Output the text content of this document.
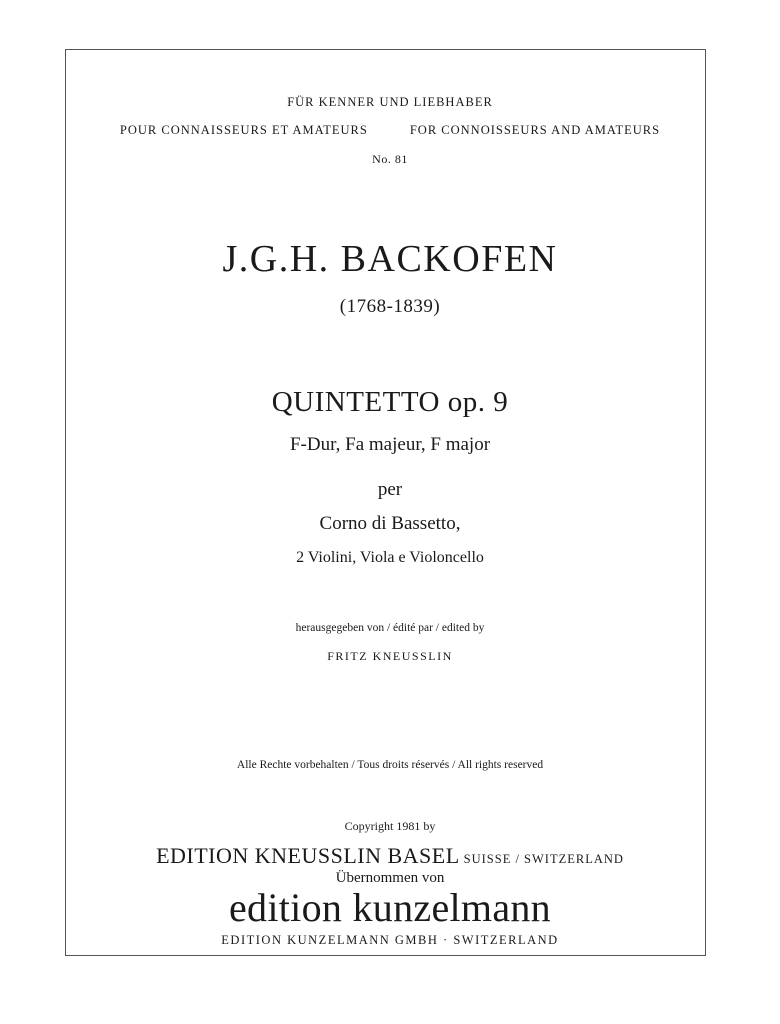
FÜR KENNER UND LIEBHABER
POUR CONNAISSEURS ET AMATEURS	FOR CONNOISSEURS AND AMATEURS
No. 81
J.G.H. BACKOFEN
(1768-1839)
QUINTETTO op. 9
F-Dur, Fa majeur, F major
per
Corno di Bassetto,
2 Violini, Viola e Violoncello
herausgegeben von / édité par / edited by
FRITZ KNEUSSLIN
Alle Rechte vorbehalten / Tous droits réservés / All rights reserved
Copyright 1981 by
EDITION KNEUSSLIN BASEL SUISSE / SWITZERLAND
Übernommen von
edition kunzelmann
EDITION KUNZELMANN GMBH · SWITZERLAND
